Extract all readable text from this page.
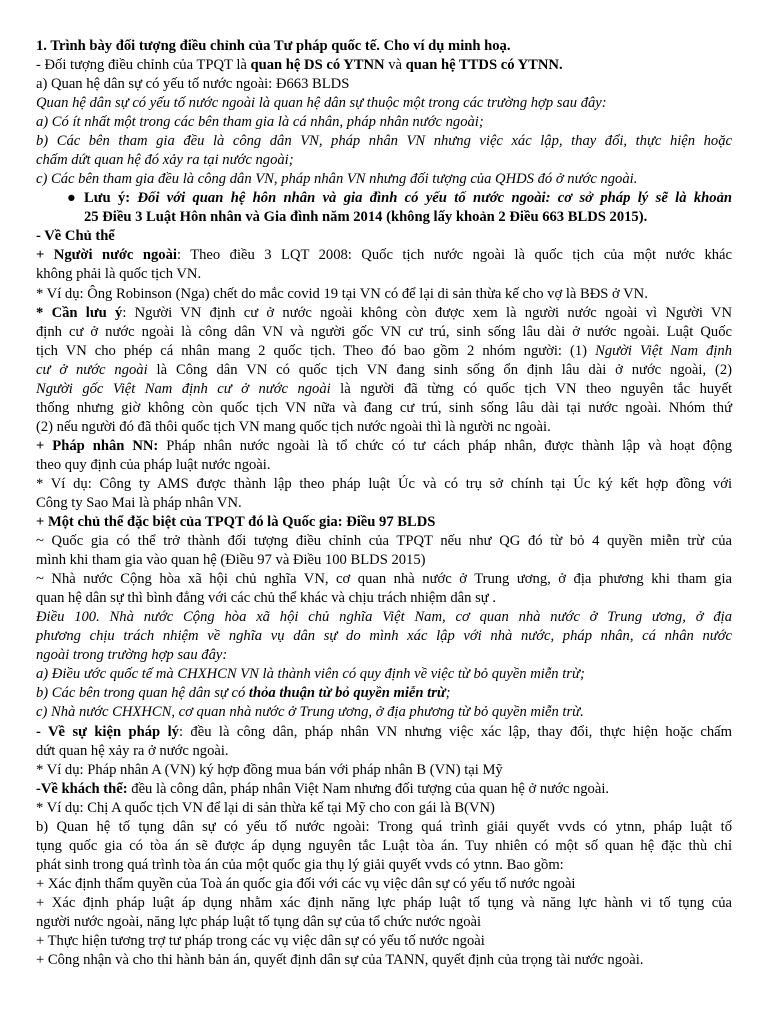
1. Trình bày đối tượng điều chỉnh của Tư pháp quốc tế. Cho ví dụ minh hoạ.
- Đối tượng điều chỉnh của TPQT là quan hệ DS có YTNN và quan hệ TTDS có YTNN.
a) Quan hệ dân sự có yếu tố nước ngoài: Đ663 BLDS
Quan hệ dân sự có yếu tố nước ngoài là quan hệ dân sự thuộc một trong các trường hợp sau đây:
a) Có ít nhất một trong các bên tham gia là cá nhân, pháp nhân nước ngoài;
b) Các bên tham gia đều là công dân VN, pháp nhân VN nhưng việc xác lập, thay đổi, thực hiện hoặc
chấm dứt quan hệ đó xảy ra tại nước ngoài;
c) Các bên tham gia đều là công dân VN, pháp nhân VN nhưng đối tượng của QHDS đó ở nước ngoài.
● Lưu ý: Đối với quan hệ hôn nhân và gia đình có yếu tố nước ngoài: cơ sở pháp lý sẽ là khoản
25 Điều 3 Luật Hôn nhân và Gia đình năm 2014 (không lấy khoản 2 Điều 663 BLDS 2015).
- Về Chủ thể
+ Người nước ngoài: Theo điều 3 LQT 2008: Quốc tịch nước ngoài là quốc tịch của một nước khác
không phải là quốc tịch VN.
* Ví dụ: Ông Robinson (Nga) chết do mắc covid 19 tại VN có để lại di sản thừa kế cho vợ là BĐS ở VN.
* Cần lưu ý: Người VN định cư ở nước ngoài không còn được xem là người nước ngoài vì Người VN
định cư ở nước ngoài là công dân VN và người gốc VN cư trú, sinh sống lâu dài ở nước ngoài. Luật Quốc
tịch VN cho phép cá nhân mang 2 quốc tịch. Theo đó bao gồm 2 nhóm người: (1) Người Việt Nam định
cư ở nước ngoài là Công dân VN có quốc tịch VN đang sinh sống ổn định lâu dài ở nước ngoài, (2)
Người gốc Việt Nam định cư ở nước ngoài là người đã từng có quốc tịch VN theo nguyên tắc huyết
thống nhưng giờ không còn quốc tịch VN nữa và đang cư trú, sinh sống lâu dài tại nước ngoài. Nhóm thứ
(2) nếu người đó đã thôi quốc tịch VN mang quốc tịch nước ngoài thì là người nc ngoài.
+ Pháp nhân NN: Pháp nhân nước ngoài là tổ chức có tư cách pháp nhân, được thành lập và hoạt động
theo quy định của pháp luật nước ngoài.
* Ví dụ: Công ty AMS được thành lập theo pháp luật Úc và có trụ sở chính tại Úc ký kết hợp đồng với
Công ty Sao Mai là pháp nhân VN.
+ Một chủ thể đặc biệt của TPQT đó là Quốc gia: Điều 97 BLDS
~ Quốc gia có thể trở thành đối tượng điều chỉnh của TPQT nếu như QG đó từ bỏ 4 quyền miễn trừ của
mình khi tham gia vào quan hệ (Điều 97 và Điều 100 BLDS 2015)
~ Nhà nước Cộng hòa xã hội chủ nghĩa VN, cơ quan nhà nước ở Trung ương, ở địa phương khi tham gia
quan hệ dân sự thì bình đẳng với các chủ thể khác và chịu trách nhiệm dân sự .
Điều 100. Nhà nước Cộng hòa xã hội chủ nghĩa Việt Nam, cơ quan nhà nước ở Trung ương, ở địa
phương chịu trách nhiệm về nghĩa vụ dân sự do mình xác lập với nhà nước, pháp nhân, cá nhân nước
ngoài trong trường hợp sau đây:
a) Điều ước quốc tế mà CHXHCN VN là thành viên có quy định về việc từ bỏ quyền miễn trừ;
b) Các bên trong quan hệ dân sự có thỏa thuận từ bỏ quyền miễn trừ;
c) Nhà nước CHXHCN, cơ quan nhà nước ở Trung ương, ở địa phương từ bỏ quyền miễn trừ.
- Về sự kiện pháp lý: đều là công dân, pháp nhân VN nhưng việc xác lập, thay đổi, thực hiện hoặc chấm
dứt quan hệ xảy ra ở nước ngoài.
* Ví dụ: Pháp nhân A (VN) ký hợp đồng mua bán với pháp nhân B (VN) tại Mỹ
-Về khách thể: đều là công dân, pháp nhân Việt Nam nhưng đối tượng của quan hệ ở nước ngoài.
* Ví dụ: Chị A quốc tịch VN để lại di sản thừa kế tại Mỹ cho con gái là B(VN)
b) Quan hệ tố tụng dân sự có yếu tố nước ngoài: Trong quá trình giải quyết vvds có ytnn, pháp luật tố
tụng quốc gia có tòa án sẽ được áp dụng nguyên tắc Luật tòa án. Tuy nhiên có một số quan hệ đặc thù chỉ
phát sinh trong quá trình tòa án của một quốc gia thụ lý giải quyết vvds có ytnn. Bao gồm:
+ Xác định thẩm quyền của Toà án quốc gia đối với các vụ việc dân sự có yếu tố nước ngoài
+ Xác định pháp luật áp dụng nhằm xác định năng lực pháp luật tố tụng và năng lực hành vi tố tụng của
người nước ngoài, năng lực pháp luật tố tụng dân sự của tổ chức nước ngoài
+ Thực hiện tương trợ tư pháp trong các vụ việc dân sự có yếu tố nước ngoài
+ Công nhận và cho thi hành bản án, quyết định dân sự của TANN, quyết định của trọng tài nước ngoài.
